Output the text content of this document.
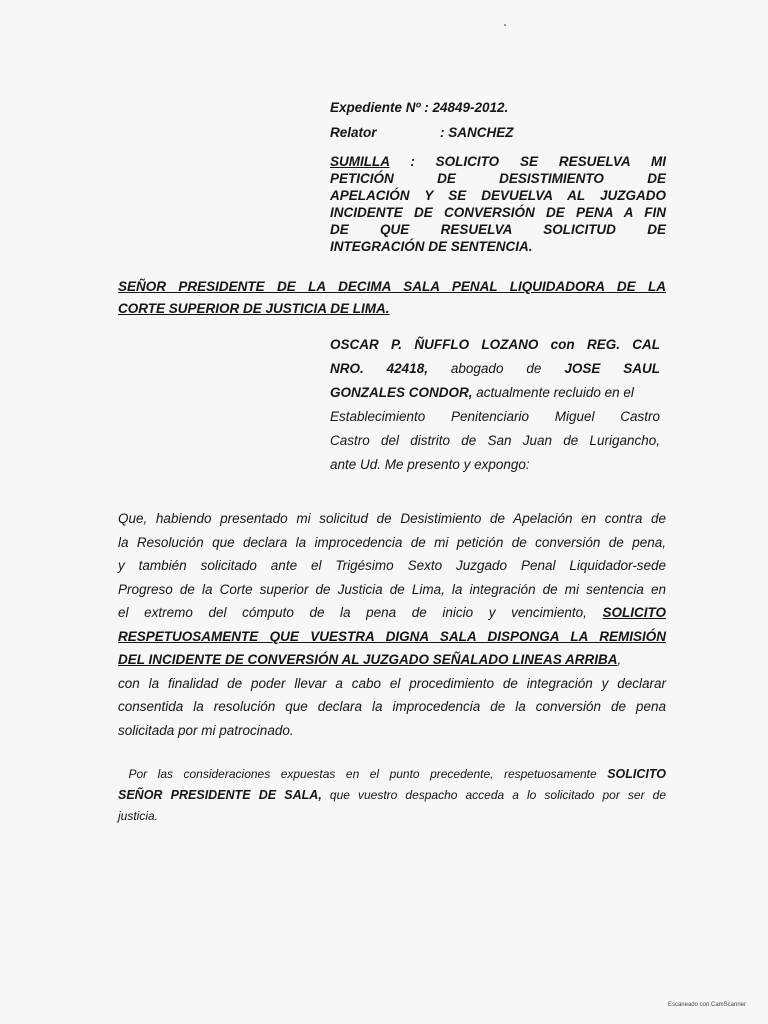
Expediente Nº : 24849-2012.
Relator	: SANCHEZ
SUMILLA : SOLICITO SE RESUELVA MI
PETICIÓN DE DESISTIMIENTO DE
APELACIÓN Y SE DEVUELVA AL JUZGADO
INCIDENTE DE CONVERSIÓN DE PENA A FIN
DE QUE RESUELVA SOLICITUD DE
INTEGRACIÓN DE SENTENCIA.
SEÑOR PRESIDENTE DE LA DECIMA SALA PENAL LIQUIDADORA DE LA
CORTE SUPERIOR DE JUSTICIA DE LIMA.

OSCAR P. ÑUFFLO LOZANO con REG. CAL

NRO. 42418, abogado de JOSE SAUL

GONZALES CONDOR, actualmente recluido en el

Establecimiento Penitenciario Miguel Castro

Castro del distrito de San Juan de Lurigancho,

ante Ud. Me presento y expongo:

Que, habiendo presentado mi solicitud de Desistimiento de Apelación en contra de
la Resolución que declara la improcedencia de mi petición de conversión de pena,
y también solicitado ante el Trigésimo Sexto Juzgado Penal Liquidador-sede
Progreso de la Corte superior de Justicia de Lima, la integración de mi sentencia en
el extremo del cómputo de la pena de inicio y vencimiento, SOLICITO
RESPETUOSAMENTE QUE VUESTRA DIGNA SALA DISPONGA LA REMISIÓN
DEL INCIDENTE DE CONVERSIÓN AL JUZGADO SEÑALADO LINEAS ARRIBA,
con la finalidad de poder llevar a cabo el procedimiento de integración y declarar
consentida la resolución que declara la improcedencia de la conversión de pena
solicitada por mi patrocinado.
Por las consideraciones expuestas en el punto precedente, respetuosamente SOLICITO
SEÑOR PRESIDENTE DE SALA, que vuestro despacho acceda a lo solicitado por ser de
justicia.
Escaneado con CamScanner
